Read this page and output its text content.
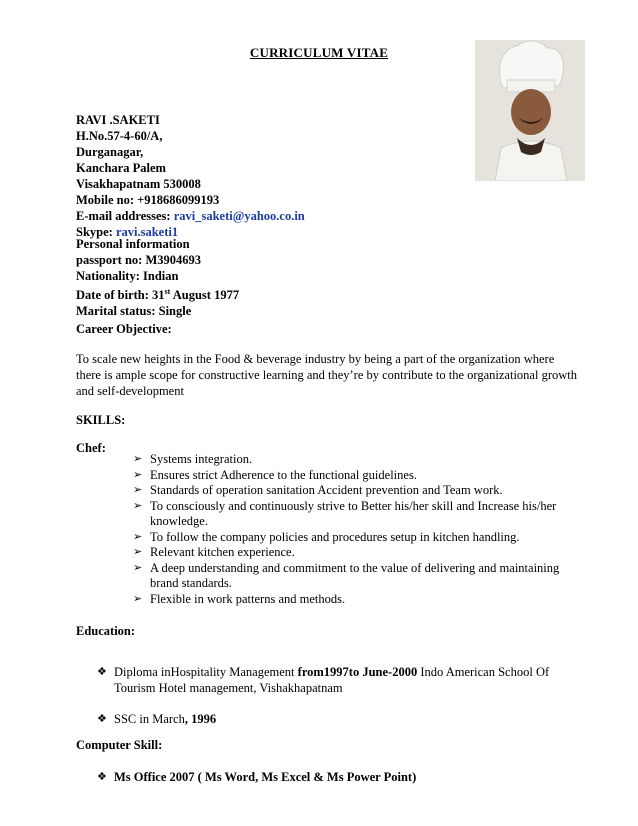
CURRICULUM VITAE
RAVI .SAKETI
H.No.57-4-60/A,
Durganagar,
Kanchara Palem
Visakhapatnam 530008
Mobile no: +918686099193
E-mail addresses: ravi_saketi@yahoo.co.in
Skype: ravi.saketi1
Personal information
passport no: M3904693
Nationality: Indian
Date of birth: 31st August 1977
Marital status: Single
Career Objective:
To scale new heights in the Food & beverage industry by being a part of the organization where there is ample scope for constructive learning and they’re by contribute to the organizational growth and self-development
SKILLS:
Chef:
➢ Systems integration.
➢ Ensures strict Adherence to the functional guidelines.
➢ Standards of operation sanitation Accident prevention and Team work.
➢ To consciously and continuously strive to Better his/her skill and Increase his/her knowledge.
➢ To follow the company policies and procedures setup in kitchen handling.
➢ Relevant kitchen experience.
➢ A deep understanding and commitment to the value of delivering and maintaining brand standards.
➢ Flexible in work patterns and methods.
Education:
❖ Diploma inHospitality Management from1997to June-2000 Indo American School Of Tourism Hotel management, Vishakhapatnam
❖ SSC in March, 1996
Computer Skill:
❖ Ms Office 2007 ( Ms Word, Ms Excel & Ms Power Point)
